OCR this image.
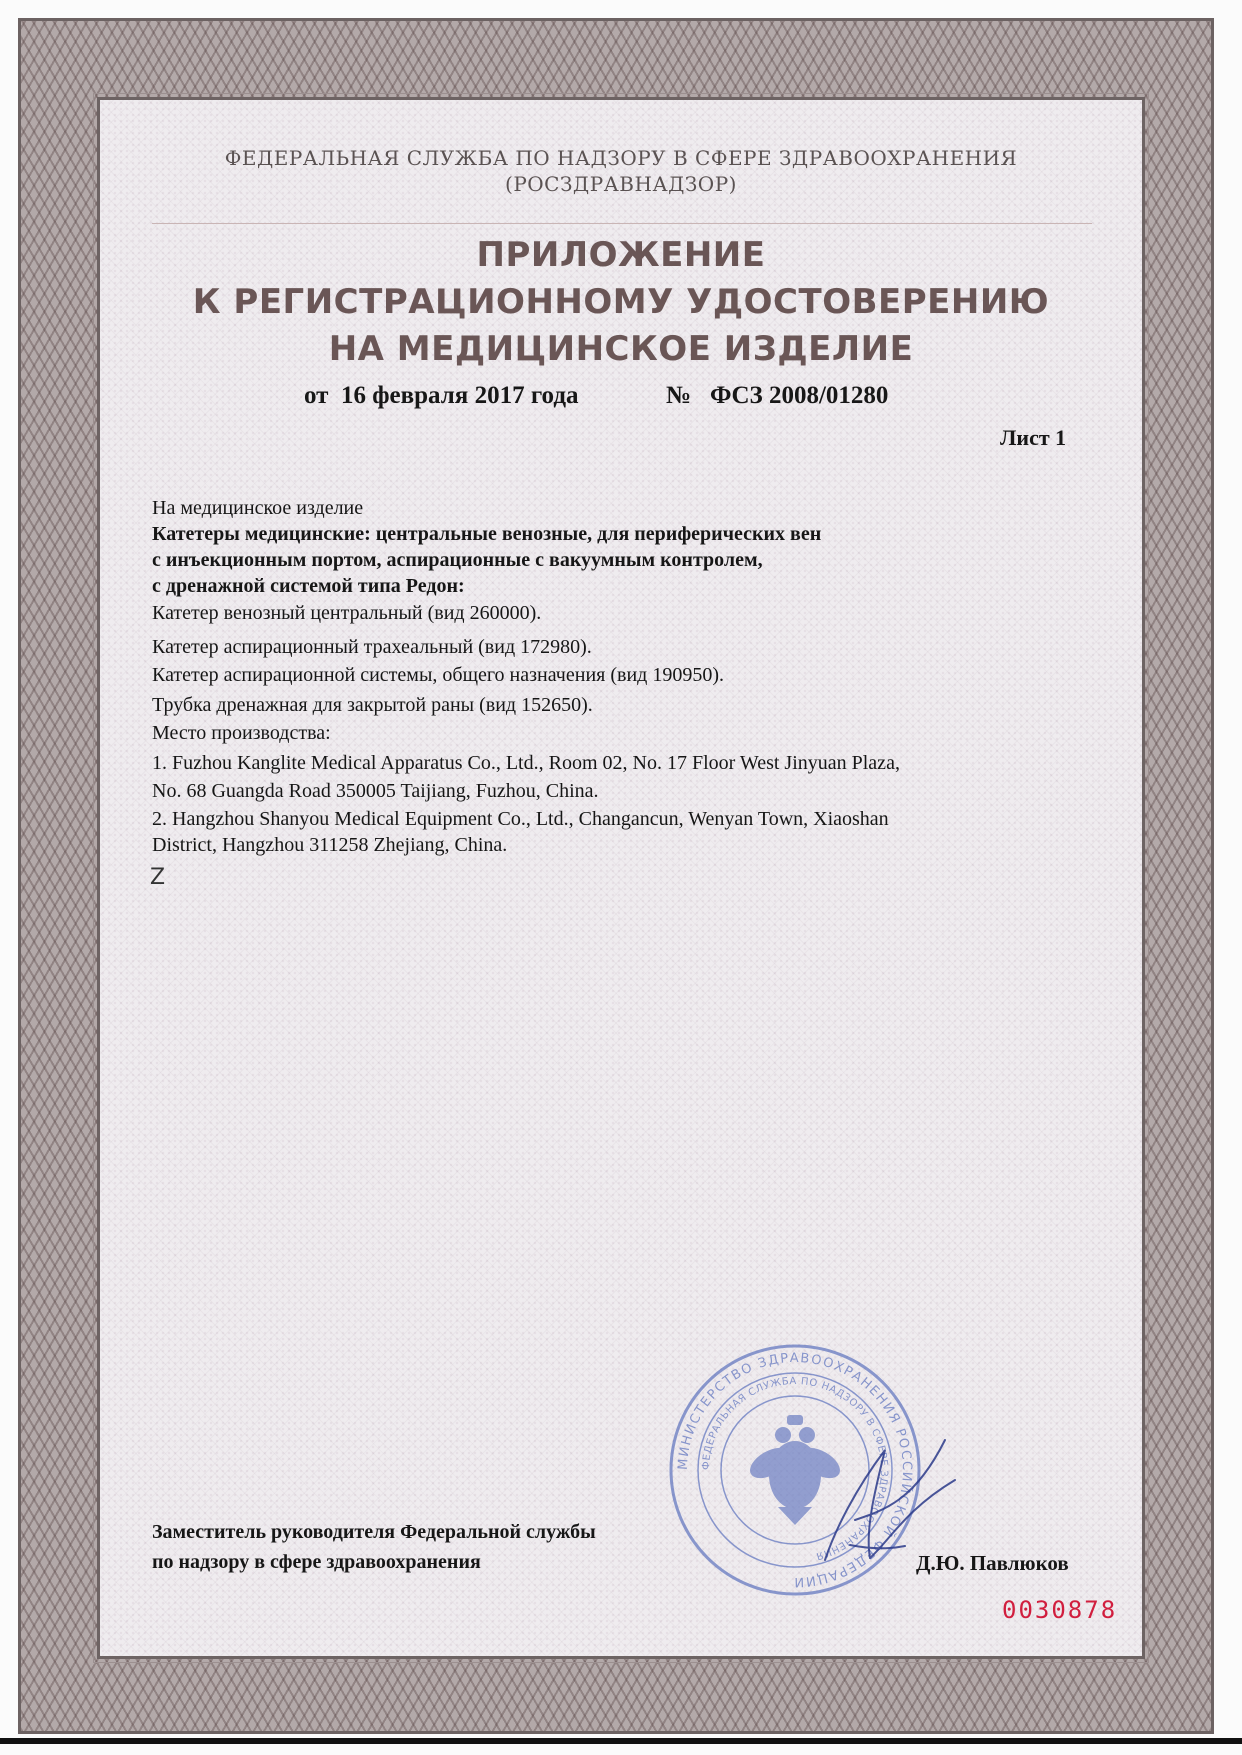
ФЕДЕРАЛЬНАЯ СЛУЖБА ПО НАДЗОРУ В СФЕРЕ ЗДРАВООХРАНЕНИЯ
(РОСЗДРАВНАДЗОР)
ПРИЛОЖЕНИЕ
К РЕГИСТРАЦИОННОМУ УДОСТОВЕРЕНИЮ
НА МЕДИЦИНСКОЕ ИЗДЕЛИЕ
от 16 февраля 2017 года	№ ФСЗ 2008/01280
Лист 1
На медицинское изделие
Катетеры медицинские: центральные венозные, для периферических вен
с инъекционным портом, аспирационные с вакуумным контролем,
с дренажной системой типа Редон:
Катетер венозный центральный (вид 260000).
Катетер аспирационный трахеальный (вид 172980).
Катетер аспирационной системы, общего назначения (вид 190950).
Трубка дренажная для закрытой раны (вид 152650).
Место производства:
1. Fuzhou Kanglite Medical Apparatus Co., Ltd., Room 02, No. 17 Floor West Jinyuan Plaza,
No. 68 Guangda Road 350005 Taijiang, Fuzhou, China.
2. Hangzhou Shanyou Medical Equipment Co., Ltd., Changancun, Wenyan Town, Xiaoshan
District, Hangzhou 311258 Zhejiang, China.
Z
МИНИСТЕРСТВО ЗДРАВООХРАНЕНИЯ РОССИЙСКОЙ ФЕДЕРАЦИИ
ФЕДЕРАЛЬНАЯ СЛУЖБА ПО НАДЗОРУ В СФЕРЕ ЗДРАВООХРАНЕНИЯ
Заместитель руководителя Федеральной службы
по надзору в сфере здравоохранения	Д.Ю. Павлюков
0030878
